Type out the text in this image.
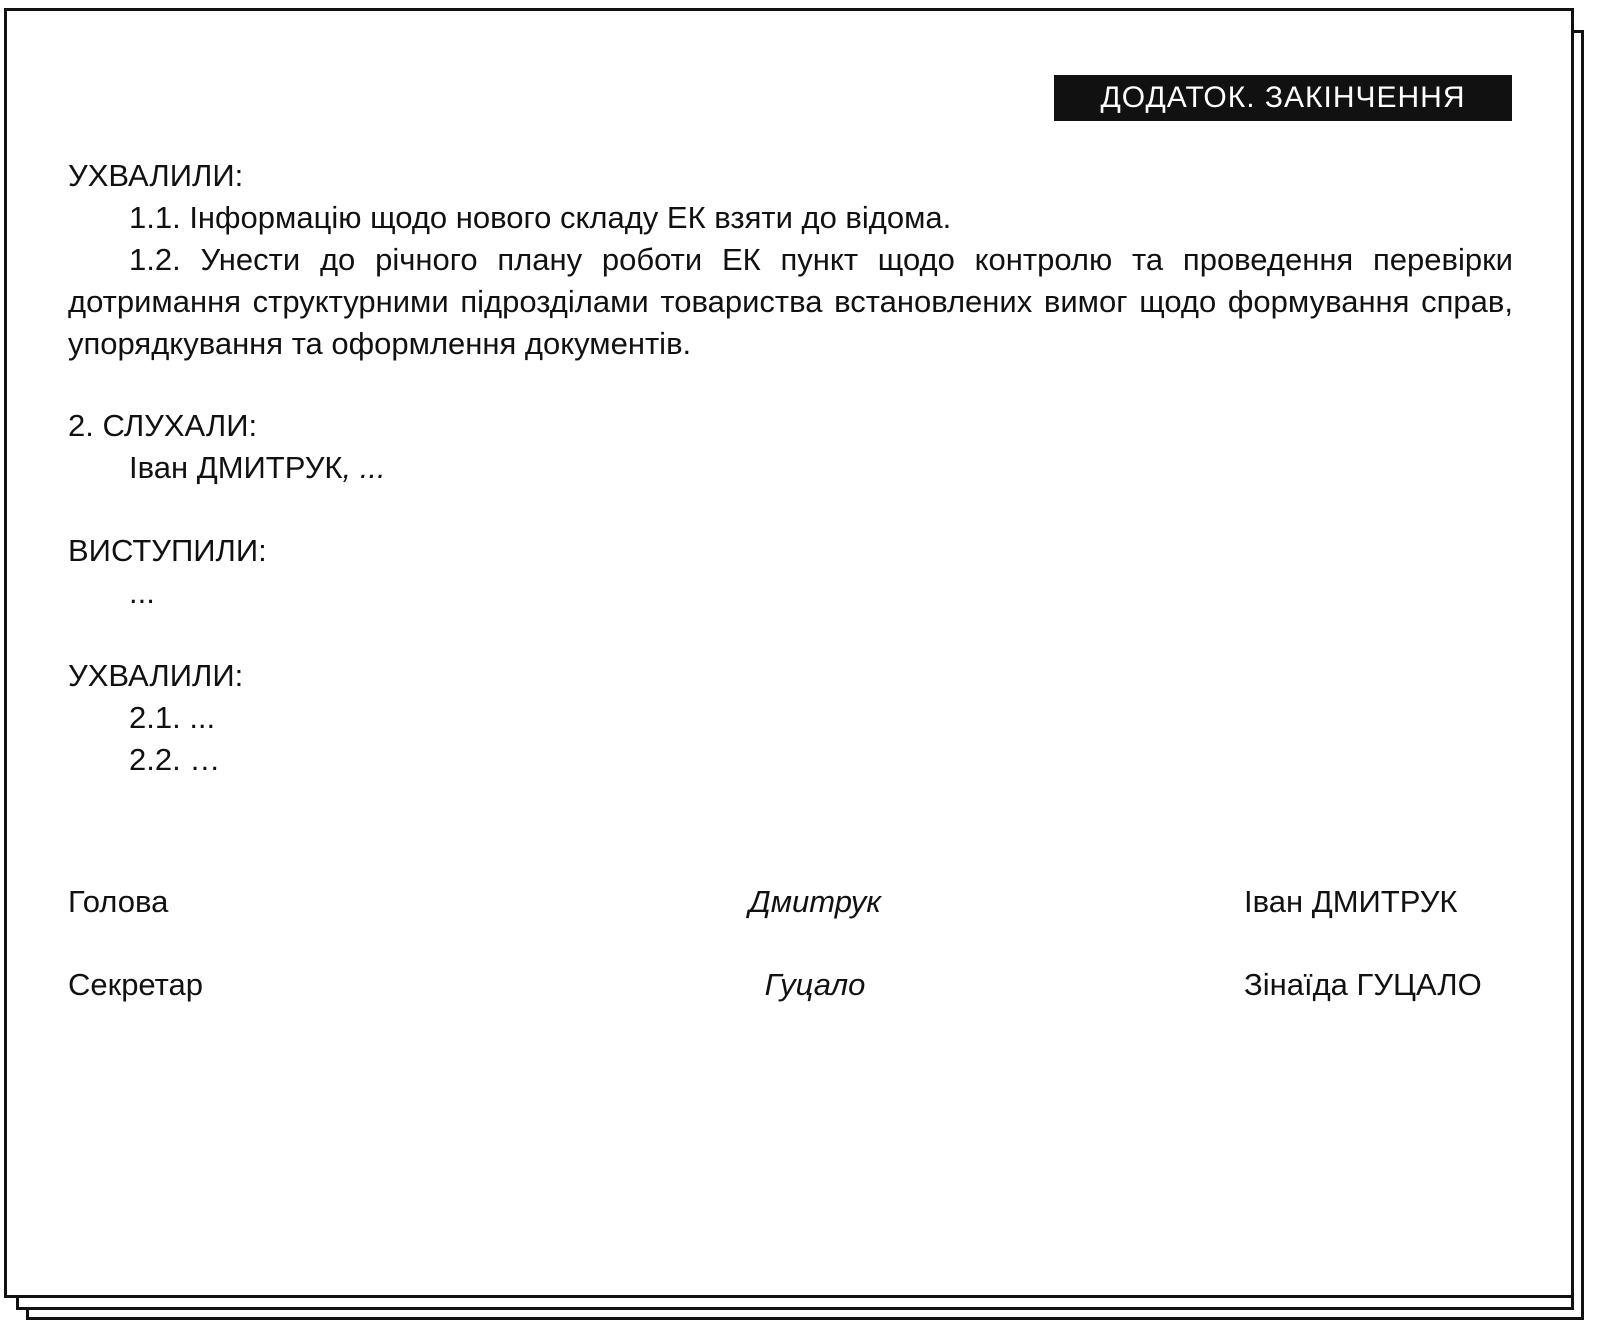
ДОДАТОК. ЗАКІНЧЕННЯ

УХВАЛИЛИ:

1.1. Інформацію щодо нового складу ЕК взяти до відома.

1.2. Унести до річного плану роботи ЕК пункт щодо контролю та проведення перевірки дотримання структурними підрозділами товариства встановлених вимог щодо формування справ, упорядкування та оформлення документів.

2. СЛУХАЛИ:

Іван ДМИТРУК, ...

ВИСТУПИЛИ:

...

УХВАЛИЛИ:

2.1. ...

2.2. …

Голова	Дмитрук	Іван ДМИТРУК
Секретар	Гуцало	Зінаїда ГУЦАЛО
